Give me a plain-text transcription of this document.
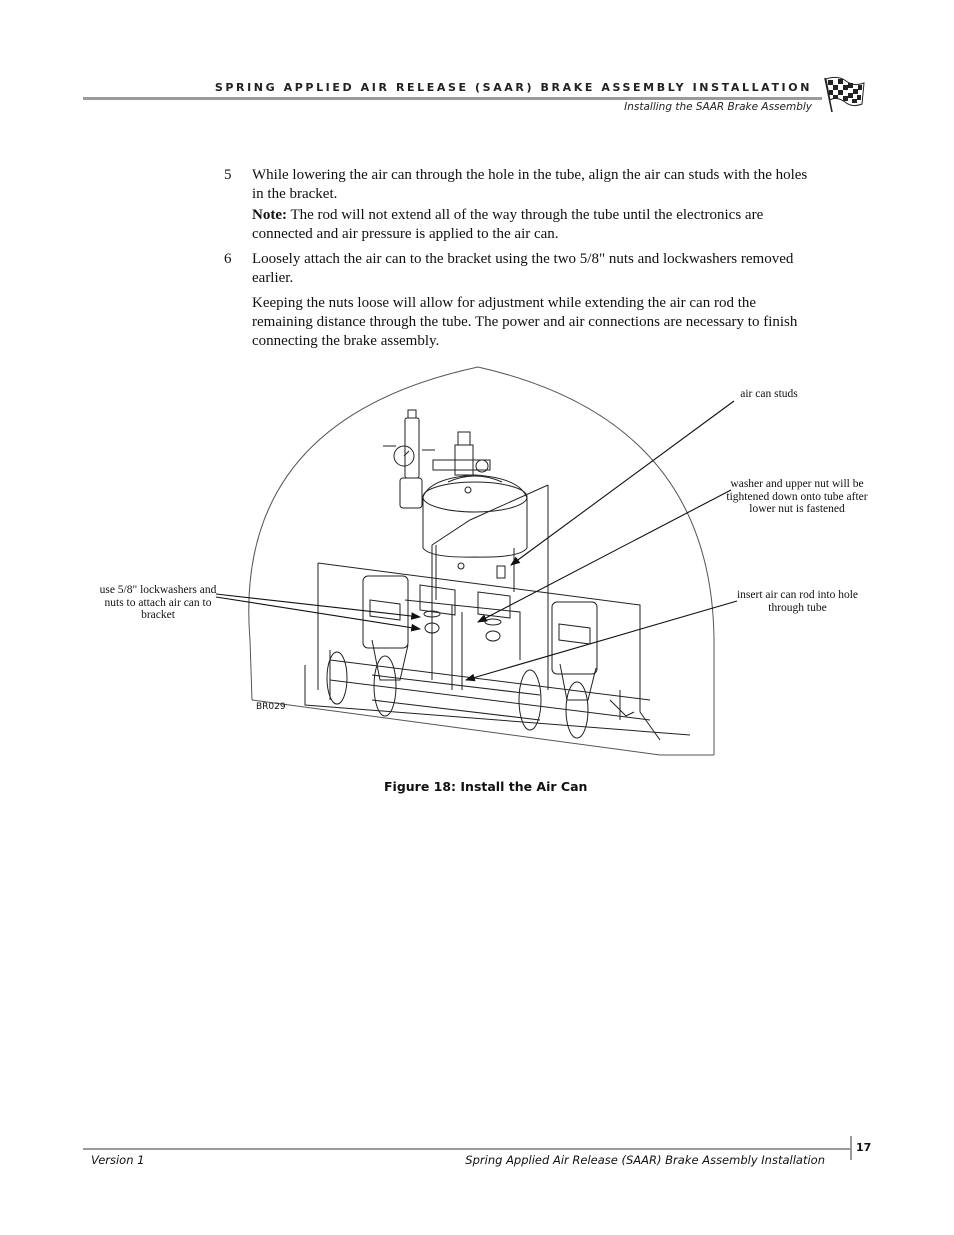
SPRING APPLIED AIR RELEASE (SAAR) BRAKE ASSEMBLY INSTALLATION
Installing the SAAR Brake Assembly
5 While lowering the air can through the hole in the tube, align the air can studs with the holes in the bracket.
Note: The rod will not extend all of the way through the tube until the electronics are connected and air pressure is applied to the air can.
6 Loosely attach the air can to the bracket using the two 5/8" nuts and lockwashers removed earlier.
Keeping the nuts loose will allow for adjustment while extending the air can rod the remaining distance through the tube. The power and air connections are necessary to finish connecting the brake assembly.
air can studs
washer and upper nut will be tightened down onto tube after lower nut is fastened
insert air can rod into hole through tube
use 5/8" lockwashers and nuts to attach air can to bracket
BR029
Figure 18: Install the Air Can
17
Version 1	Spring Applied Air Release (SAAR) Brake Assembly Installation
